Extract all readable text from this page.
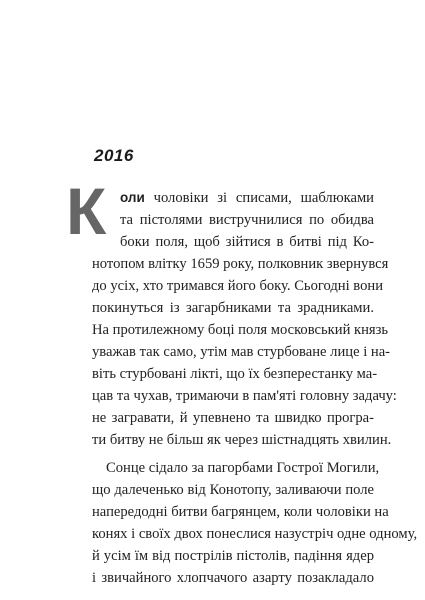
2016
К оли чоловіки зі списами, шаблюками
та пістолями вистручнилися по обидва
боки поля, щоб зійтися в битві під Ко-
нотопом влітку 1659 року, полковник звернувся
до усіх, хто тримався його боку. Сьогодні вони
покинуться із загарбниками та зрадниками.
На протилежному боці поля московський князь
уважав так само, утім мав стурбоване лице і на-
віть стурбовані лікті, що їх безперестанку ма-
цав та чухав, тримаючи в пам'яті головну задачу:
не загравати, й упевнено та швидко програ-
ти битву не більш як через шістнадцять хвилин.
Сонце сідало за пагорбами Гострої Могили,
що далеченько від Конотопу, заливаючи поле
напередодні битви багрянцем, коли чоловіки на
конях і своїх двох понеслися назустріч одне одному,
й усім їм від пострілів пістолів, падіння ядер
і звичайного хлопчачого азарту позакладало
